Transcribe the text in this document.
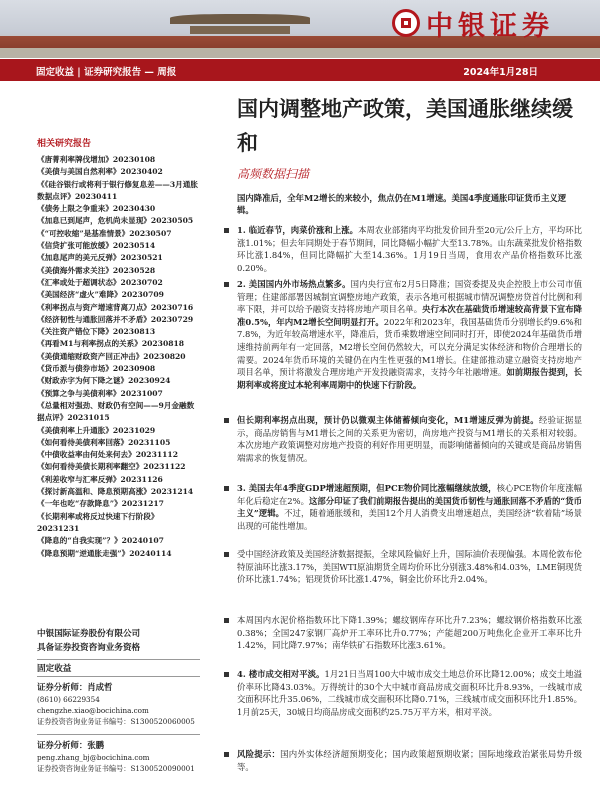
中银证券
固定收益 | 证券研究报告 — 周报	2024年1月28日
相关研究报告
《唐菁利率牌伐增加》20230108
《美债与美国自然利率》20230402
《《硅谷银行或将利于银行修复息差——3月通胀数据点评》20230411
《债务上限之争重来》20230430
《加息已到尾声，危机尚未显现》20230505
《“可控收缩”是基准情景》20230507
《信贷扩张可能放缓》20230514
《加息尾声的美元反弹》20230521
《美债海外需求关注》20230528
《汇率或处于超调状态》20230702
《美国经济“虚火”难降》20230709
《利率拐点与资产增速背离刀点》20230716
《经济韧性与通胀回落并不矛盾》20230729
《关注资产错位下降》20230813
《再看M1与利率拐点的关系》20230818
《美债通缩财政资产回正冲击》20230820
《货币派与债券市场》20230908
《财政赤字为何下降之谜》20230924
《预算之争与美债利率》20231007
《总量相对强劲、财政仍有空间——9月金融数据点评》20231015
《美债利率上升通胀》20231029
《如何看待美债利率回落》20231105
《中债收益率由何处来何去》20231112
《如何看待美债长期利率翻空》20231122
《利差收窄与汇率反弹》20231126
《探讨新高温和、降息预期高涨》20231214
《一年也吃“存款降息”》20231217
《长期利率或将反过快速下行阶段》20231231
《降息的“自我实现”？》20240107
《降息预期“逆通胀走强”》20240114
中银国际证券股份有限公司
具备证券投资咨询业务资格
固定收益
证券分析师：肖成哲
(8610) 66229354
chengzhe.xiao@bocichina.com
证券投资咨询业务证书编号：S1300520060005
证券分析师：张鹏
peng.zhang_bj@bocichina.com
证券投资咨询业务证书编号：S1300520090001
国内调整地产政策，美国通胀继续缓和
高频数据扫描
国内降准后，全年M2增长的来较小，焦点仍在M1增速。美国4季度通胀印证货币主义逻辑。
1. 临近春节，肉菜价涨和上涨。本周农业部猪肉平均批发价回升至20元/公斤上方，平均环比涨1.01%；但去年同期处于春节期间，同比降幅小幅扩大至13.78%。山东蔬菜批发价格指数环比涨1.84%，但同比降幅扩大至14.36%。1月19日当周，食用农产品价格指数环比涨0.20%。
2. 美国国内外市场热点繁多。国内央行宣布2月5日降准；国资委提及央企控股上市公司市值管理；住建部部署因城制宜调整房地产政策，表示各地可根据城市情况调整房贷首付比例和利率下限，并可以给予融资支持将房地产项目名单。央行本次在基础货币增速较高背景下宣布降准0.5%，年内M2增长空间明显打开。2022年和2023年，我国基础货币分别增长约9.6%和7.8%，为近年较高增速水平，降准后，货币乘数增速空间同时打开，即使2024年基础货币增速维持前两年有一定回落，M2增长空间仍然较大，可以充分满足实体经济和物价合理增长的需要。2024年货币环境的关键仍在内生性更强的M1增长。住建部推动建立融资支持房地产项目名单，预计将激发合理房地产开发投融资需求，支持今年社融增速。如前期报告提到，长期利率或将度过本轮利率周期中的快速下行阶段。
但长期利率拐点出现，预计仍以微观主体储蓄倾向变化，M1增速反弹为前提。经验证据显示，商品房销售与M1增长之间的关系更为密切，尚房地产投资与M1增长的关系相对较弱。本次房地产政策调整对房地产投资的利好作用更明显，而影响储蓄倾向的关键或是商品房销售端需求的恢复情况。
3. 美国去年4季度GDP增速超预期，但PCE物价同比涨幅继续放缓，核心PCE物价年度涨幅年化后稳定在2%。这部分印证了我们前期报告提出的美国货币韧性与通胀回落不矛盾的“货币主义”逻辑。不过，随着通胀缓和，美国12个月人消费支出增速超点，美国经济“软着陆”场景出现的可能性增加。
受中国经济政策及美国经济数据提振，全球风险偏好上升，国际油价表现偏强。本周伦敦布伦特原油环比涨3.17%，美国WTI原油期货全周均价环比分别涨3.48%和4.03%，LME铜现货价环比涨1.74%；铝现货价环比涨1.47%，铜金比价环比升2.04%。
本周国内水泥价格指数环比下降1.39%；螺纹钢库存环比升7.23%；螺纹钢价格指数环比涨0.38%；全国247家钢厂高炉开工率环比升0.77%；产能超200万吨焦化企业开工率环比升1.42%，同比降7.97%；南华铁矿石指数环比涨3.61%。
4. 楼市成交相对平淡。1月21日当周100大中城市成交土地总价环比降12.00%；成交土地溢价率环比降43.03%。万得统计的30个大中城市商品房成交面积环比升8.93%，一线城市成交面积环比升35.06%，二线城市成交面积环比降0.71%，三线城市成交面积环比升1.85%。1月前25天，30城日均商品房成交面积约25.75万平方米，相对平淡。
风险提示：国内外实体经济超预期变化；国内政策超预期收紧；国际地缘政治紧张局势升级等。
